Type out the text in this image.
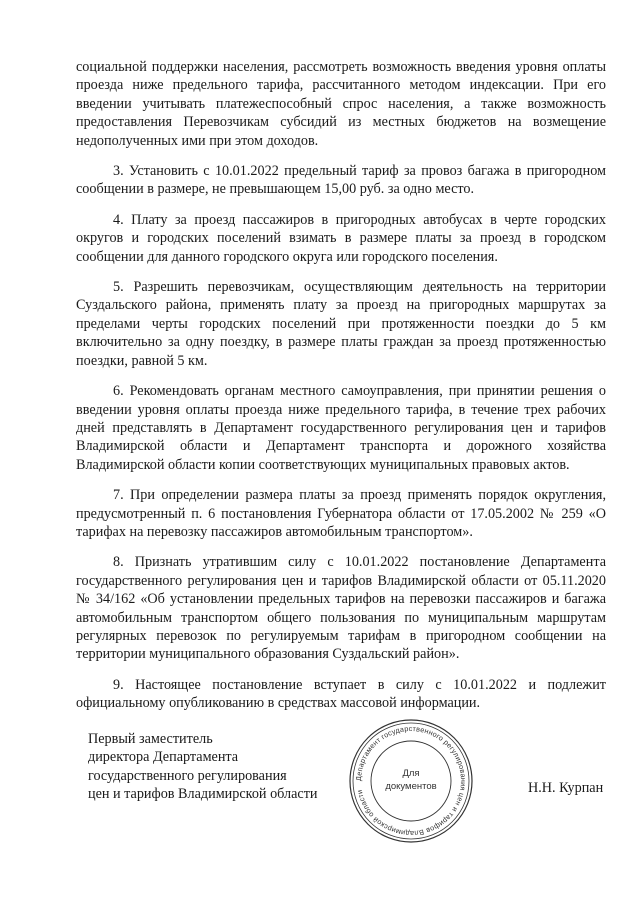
социальной поддержки населения, рассмотреть возможность введения уровня оплаты проезда ниже предельного тарифа, рассчитанного методом индексации. При его введении учитывать платежеспособный спрос населения, а также возможность предоставления Перевозчикам субсидий из местных бюджетов на возмещение недополученных ими при этом доходов.

3. Установить с 10.01.2022 предельный тариф за провоз багажа в пригородном сообщении в размере, не превышающем 15,00 руб. за одно место.

4. Плату за проезд пассажиров в пригородных автобусах в черте городских округов и городских поселений взимать в размере платы за проезд в городском сообщении для данного городского округа или городского поселения.

5. Разрешить перевозчикам, осуществляющим деятельность на территории Суздальского района, применять плату за проезд на пригородных маршрутах за пределами черты городских поселений при протяженности поездки до 5 км включительно за одну поездку, в размере платы граждан за проезд протяженностью поездки, равной 5 км.

6. Рекомендовать органам местного самоуправления, при принятии решения о введении уровня оплаты проезда ниже предельного тарифа, в течение трех рабочих дней представлять в Департамент государственного регулирования цен и тарифов Владимирской области и Департамент транспорта и дорожного хозяйства Владимирской области копии соответствующих муниципальных правовых актов.

7. При определении размера платы за проезд применять порядок округления, предусмотренный п. 6 постановления Губернатора области от 17.05.2002 № 259 «О тарифах на перевозку пассажиров автомобильным транспортом».

8. Признать утратившим силу с 10.01.2022 постановление Департамента государственного регулирования цен и тарифов Владимирской области от 05.11.2020 № 34/162 «Об установлении предельных тарифов на перевозки пассажиров и багажа автомобильным транспортом общего пользования по муниципальным маршрутам регулярных перевозок по регулируемым тарифам в пригородном сообщении на территории муниципального образования Суздальский район».

9. Настоящее постановление вступает в силу с 10.01.2022 и подлежит официальному опубликованию в средствах массовой информации.

Первый заместитель
директора Департамента
государственного регулирования
цен и тарифов Владимирской области
Департамент государственного регулирования цен и тарифов Владимирской области
Для
документов	Н.Н. Курпан
